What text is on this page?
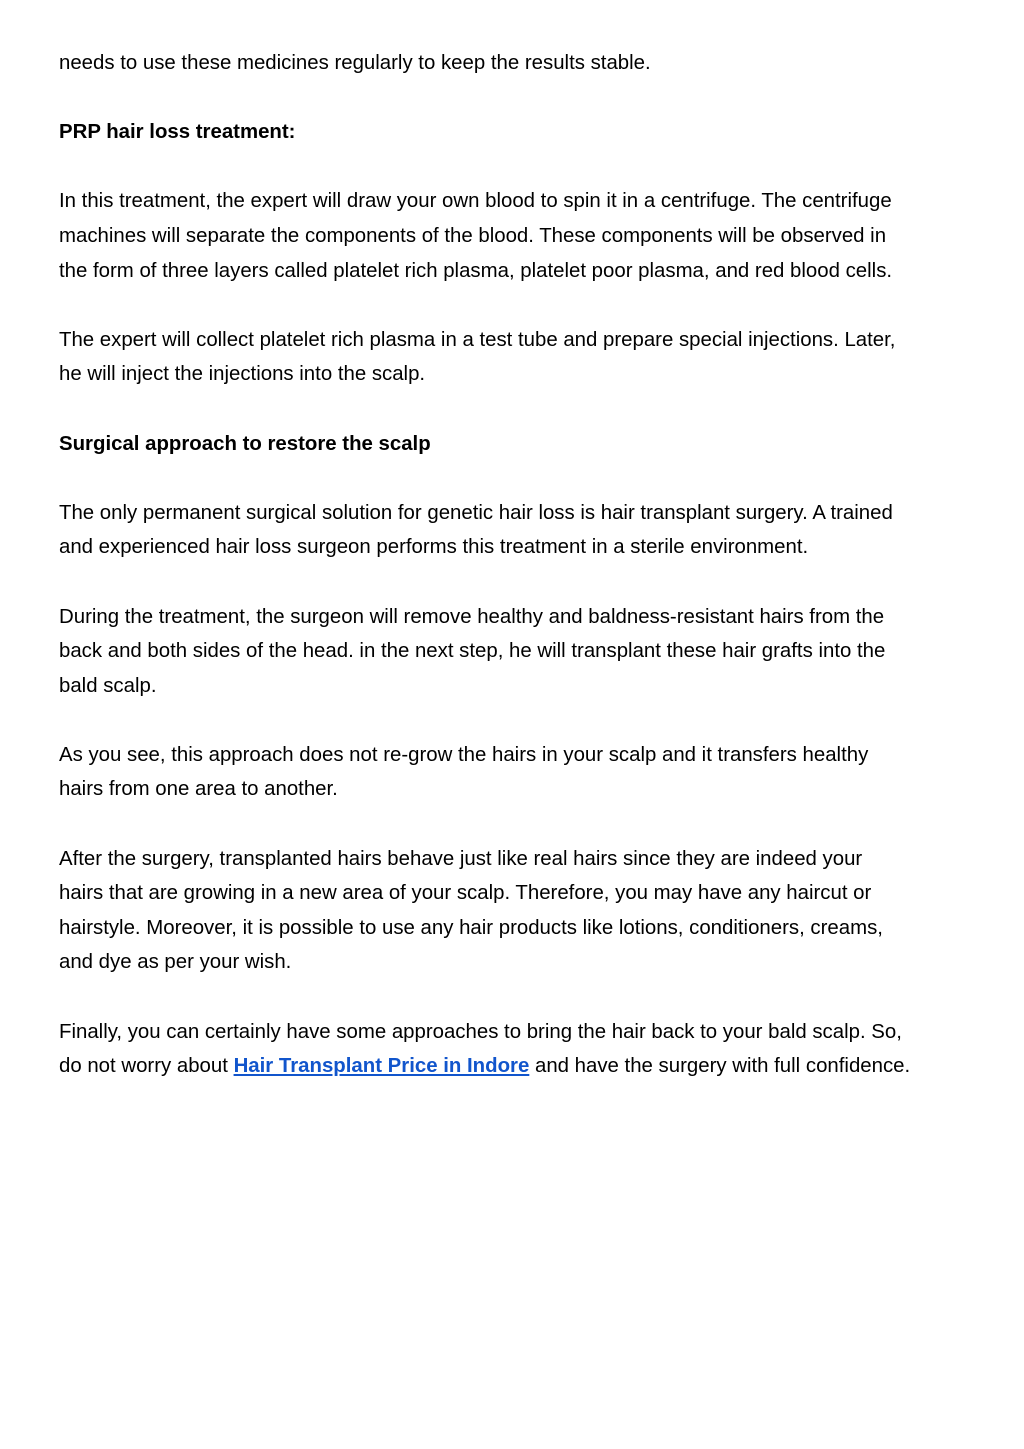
needs to use these medicines regularly to keep the results stable.

PRP hair loss treatment:

In this treatment, the expert will draw your own blood to spin it in a centrifuge. The centrifuge
machines will separate the components of the blood. These components will be observed in
the form of three layers called platelet rich plasma, platelet poor plasma, and red blood cells.

The expert will collect platelet rich plasma in a test tube and prepare special injections. Later,
he will inject the injections into the scalp.

Surgical approach to restore the scalp

The only permanent surgical solution for genetic hair loss is hair transplant surgery. A trained
and experienced hair loss surgeon performs this treatment in a sterile environment.

During the treatment, the surgeon will remove healthy and baldness-resistant hairs from the
back and both sides of the head. in the next step, he will transplant these hair grafts into the
bald scalp.

As you see, this approach does not re-grow the hairs in your scalp and it transfers healthy
hairs from one area to another.

After the surgery, transplanted hairs behave just like real hairs since they are indeed your
hairs that are growing in a new area of your scalp. Therefore, you may have any haircut or
hairstyle. Moreover, it is possible to use any hair products like lotions, conditioners, creams,
and dye as per your wish.

Finally, you can certainly have some approaches to bring the hair back to your bald scalp. So,
do not worry about Hair Transplant Price in Indore and have the surgery with full confidence.
